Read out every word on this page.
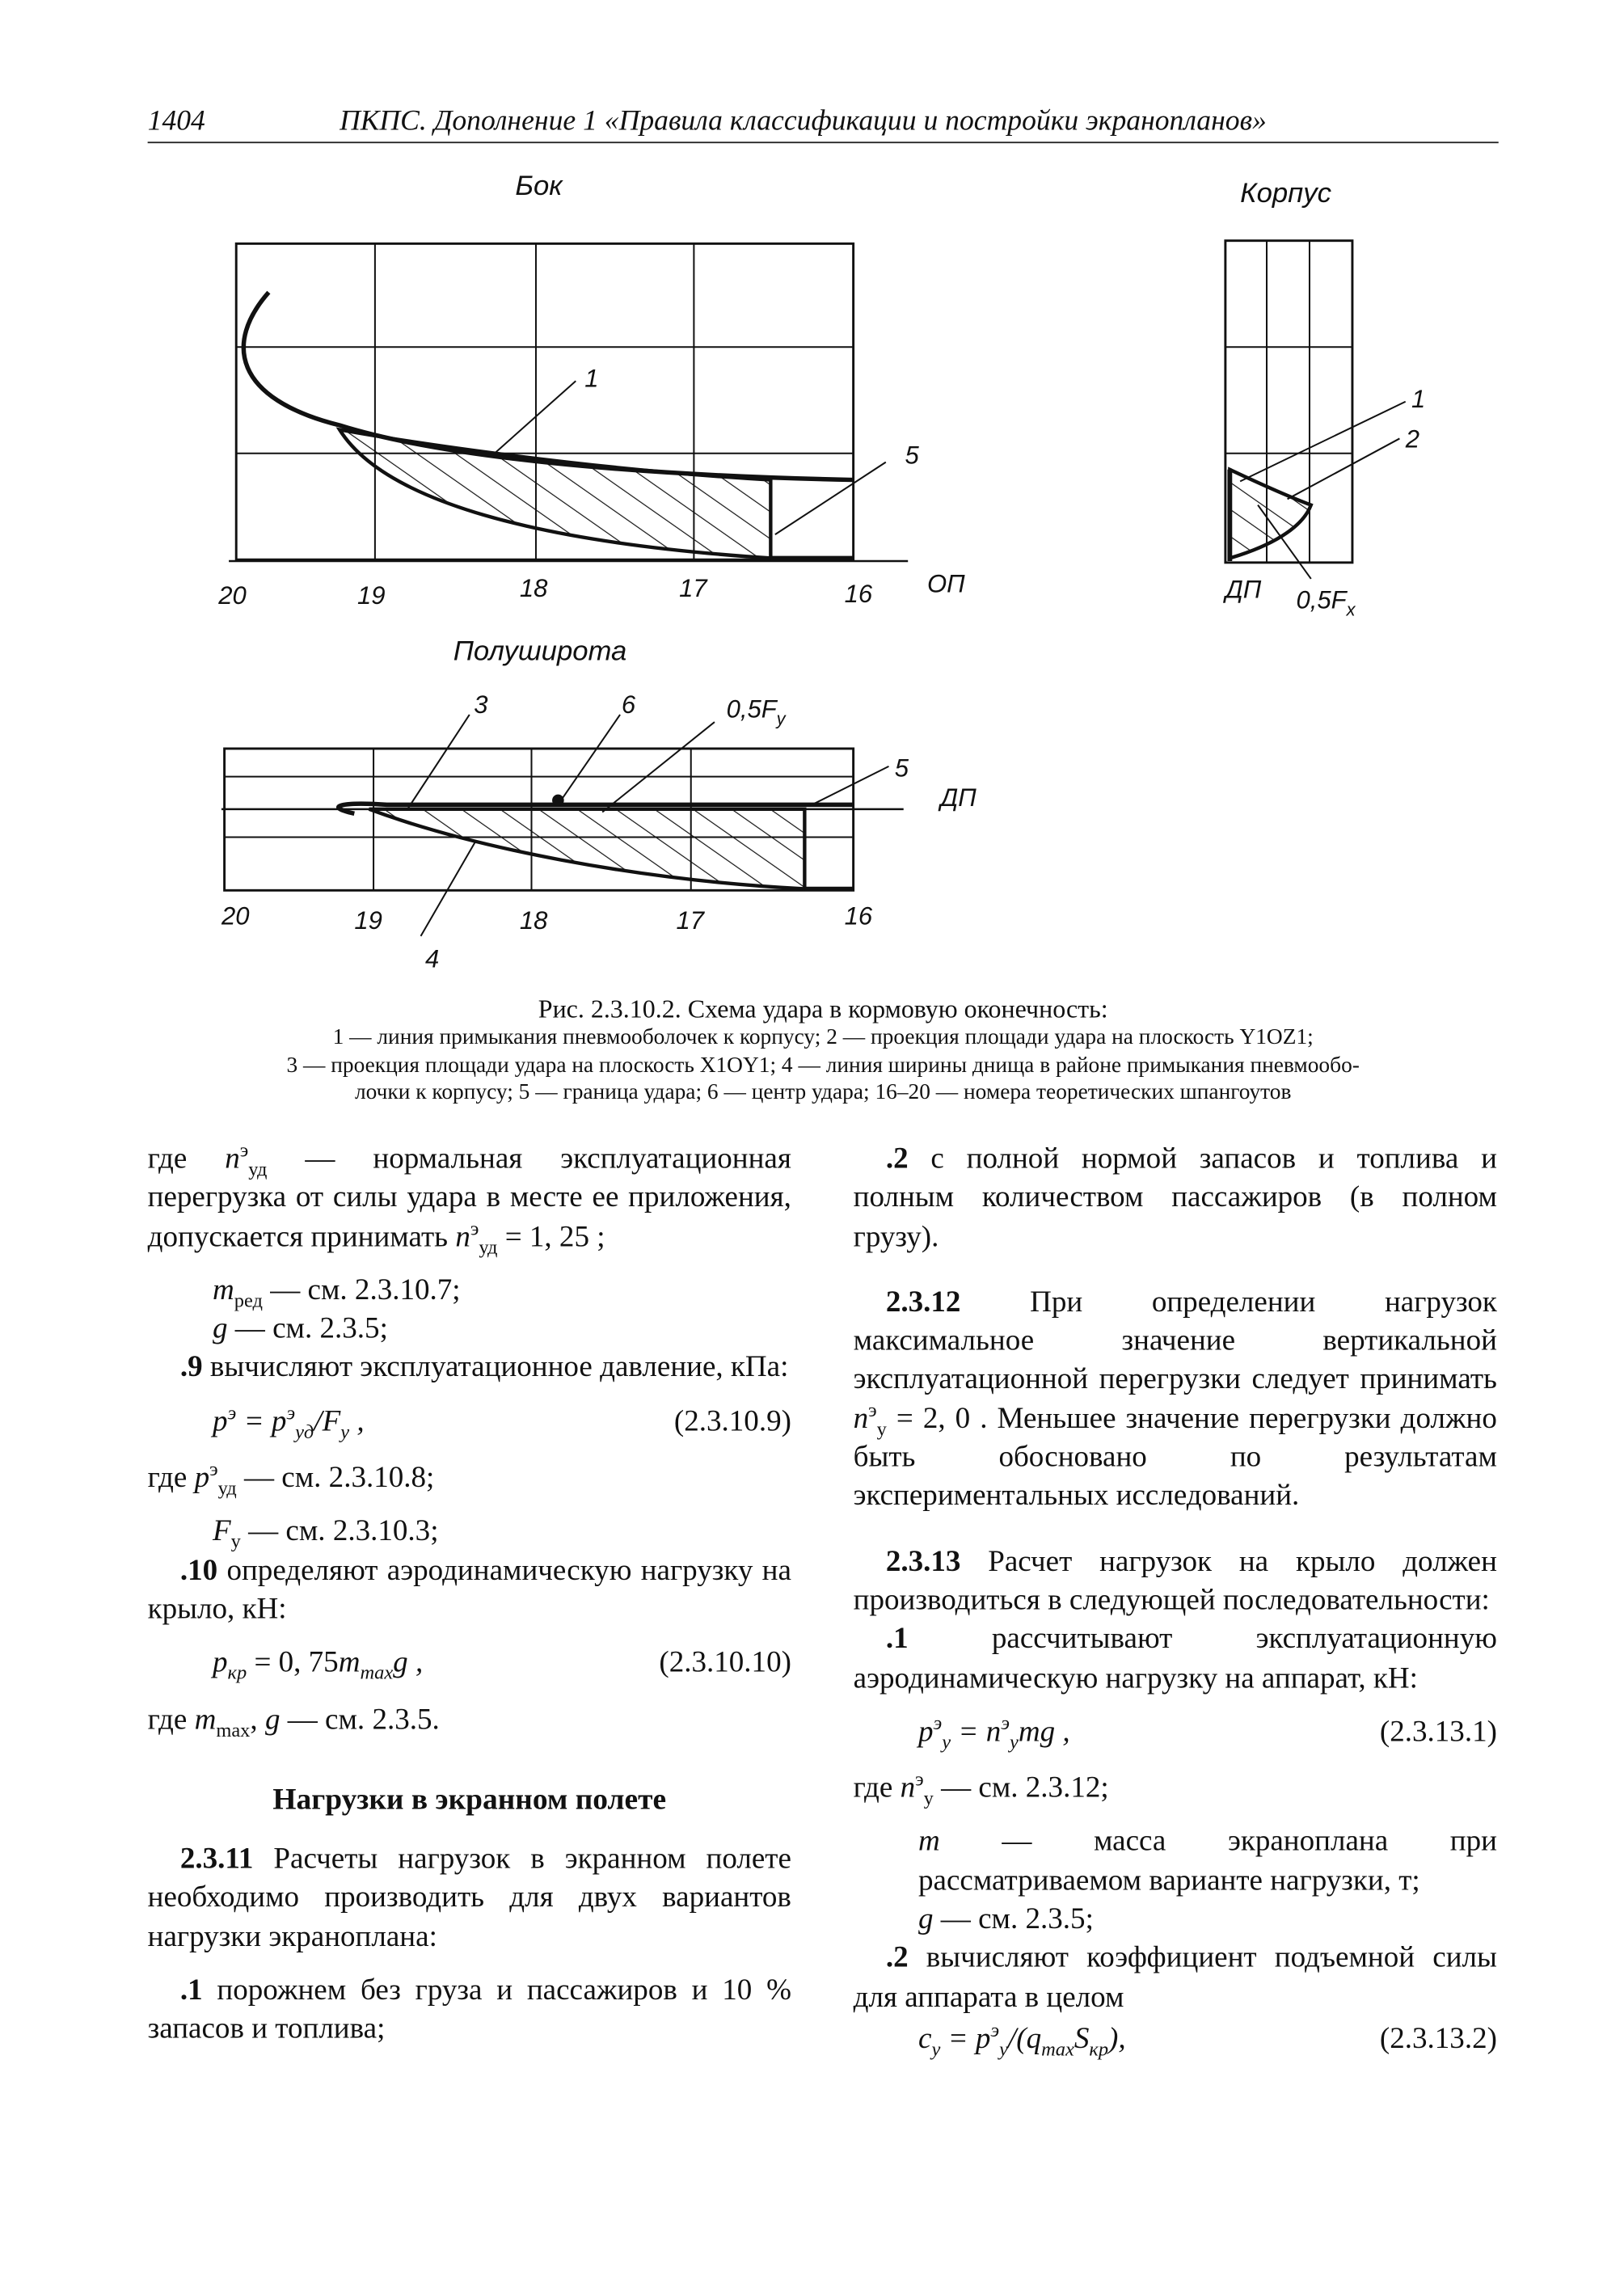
1404	ПКПС. Дополнение 1 «Правила классификации и постройки экранопланов»
Бок
1
5
20	19	18	17	16	ОП
Корпус
1
2
ДП	$0,5F_x$
Полуширота
3	6	$0,5F_y$
5
ДП
4
20	19	18	17	16
Рис. 2.3.10.2. Схема удара в кормовую оконечность:
1 — линия примыкания пневмооболочек к корпусу; 2 — проекция площади удара на плоскость Y1OZ1;
3 — проекция площади удара на плоскость X1OY1; 4 — линия ширины днища в районе примыкания пневмообо-
лочки к корпусу; 5 — граница удара; 6 — центр удара; 16–20 — номера теоретических шпангоутов

где $n^э_{уд}$ — нормальная эксплуатационная перегрузка от силы удара в месте ее приложения, допускается принимать $n^э_{уд} = 1$, 25 ;

$m_{ред}$ — см. 2.3.10.7;

g — см. 2.3.5;

.9 вычисляют эксплуатационное давление, кПа:

$p^э = p^э_{уд}/F_y$ ,	(2.3.10.9)

где $p^э_{уд}$ — см. 2.3.10.8;

$F_y$ — см. 2.3.10.3;

.10 определяют аэродинамическую нагрузку на крыло, кН:

$p_{кр} = 0$, $75m_{max}g$ ,	(2.3.10.10)

где $m_{max}$, g — см. 2.3.5.

Нагрузки в экранном полете

2.3.11 Расчеты нагрузок в экранном полете необходимо производить для двух вариантов нагрузки экраноплана:

.1 порожнем без груза и пассажиров и 10 % запасов и топлива;

.2 с полной нормой запасов и топлива и полным количеством пассажиров (в полном грузу).

2.3.12	При определении нагрузок максимальное значение вертикальной эксплуатационной перегрузки следует принимать $n^э_y = 2$, 0 . Меньшее значение перегрузки должно быть обосновано по результатам экспериментальных исследований.

2.3.13 Расчет нагрузок на крыло должен производиться в следующей последовательности:

.1	рассчитывают эксплуатационную аэродинамическую нагрузку на аппарат, кН:

$p^э_y = n^э_ymg$ ,	(2.3.13.1)

где $n^э_y$ — см. 2.3.12;

m	— масса экраноплана при рассматриваемом варианте нагрузки, т;

g — см. 2.3.5;

.2 вычисляют коэффициент подъемной силы для аппарата в целом

$c_y = p^э_y/(q_{max}S_{кр})$,	(2.3.13.2)
